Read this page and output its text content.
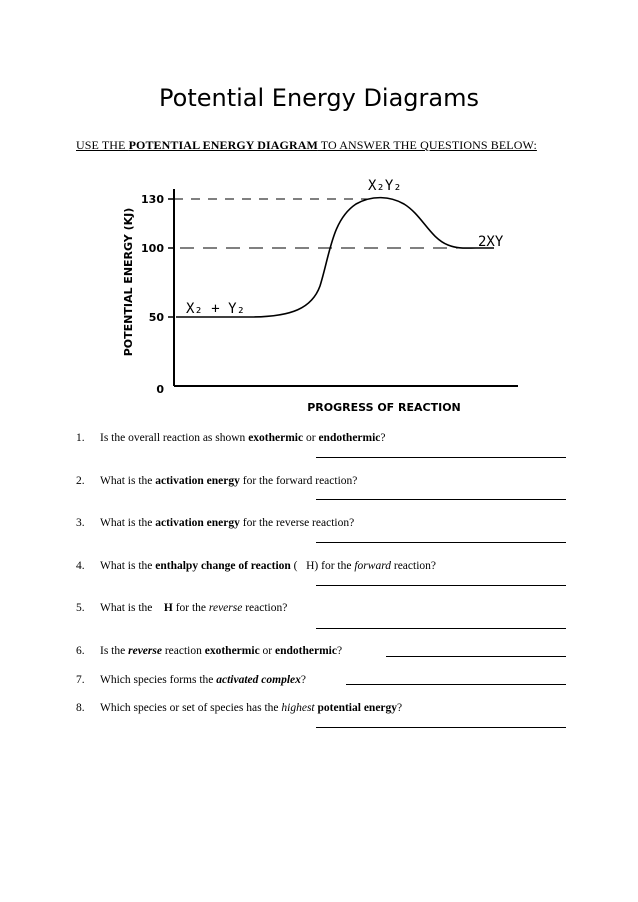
Potential Energy Diagrams
USE THE POTENTIAL ENERGY DIAGRAM TO ANSWER THE QUESTIONS BELOW:
130
100
50
0
X₂ + Y₂
X₂Y₂
2XY
PROGRESS OF REACTION
POTENTIAL ENERGY (KJ)
1. Is the overall reaction as shown exothermic or endothermic?
2. What is the activation energy for the forward reaction?
3. What is the activation energy for the reverse reaction?
4. What is the enthalpy change of reaction (   H) for the forward reaction?
5. What is the    H for the reverse reaction?
6. Is the reverse reaction exothermic or endothermic?
7. Which species forms the activated complex?
8. Which species or set of species has the highest potential energy?
